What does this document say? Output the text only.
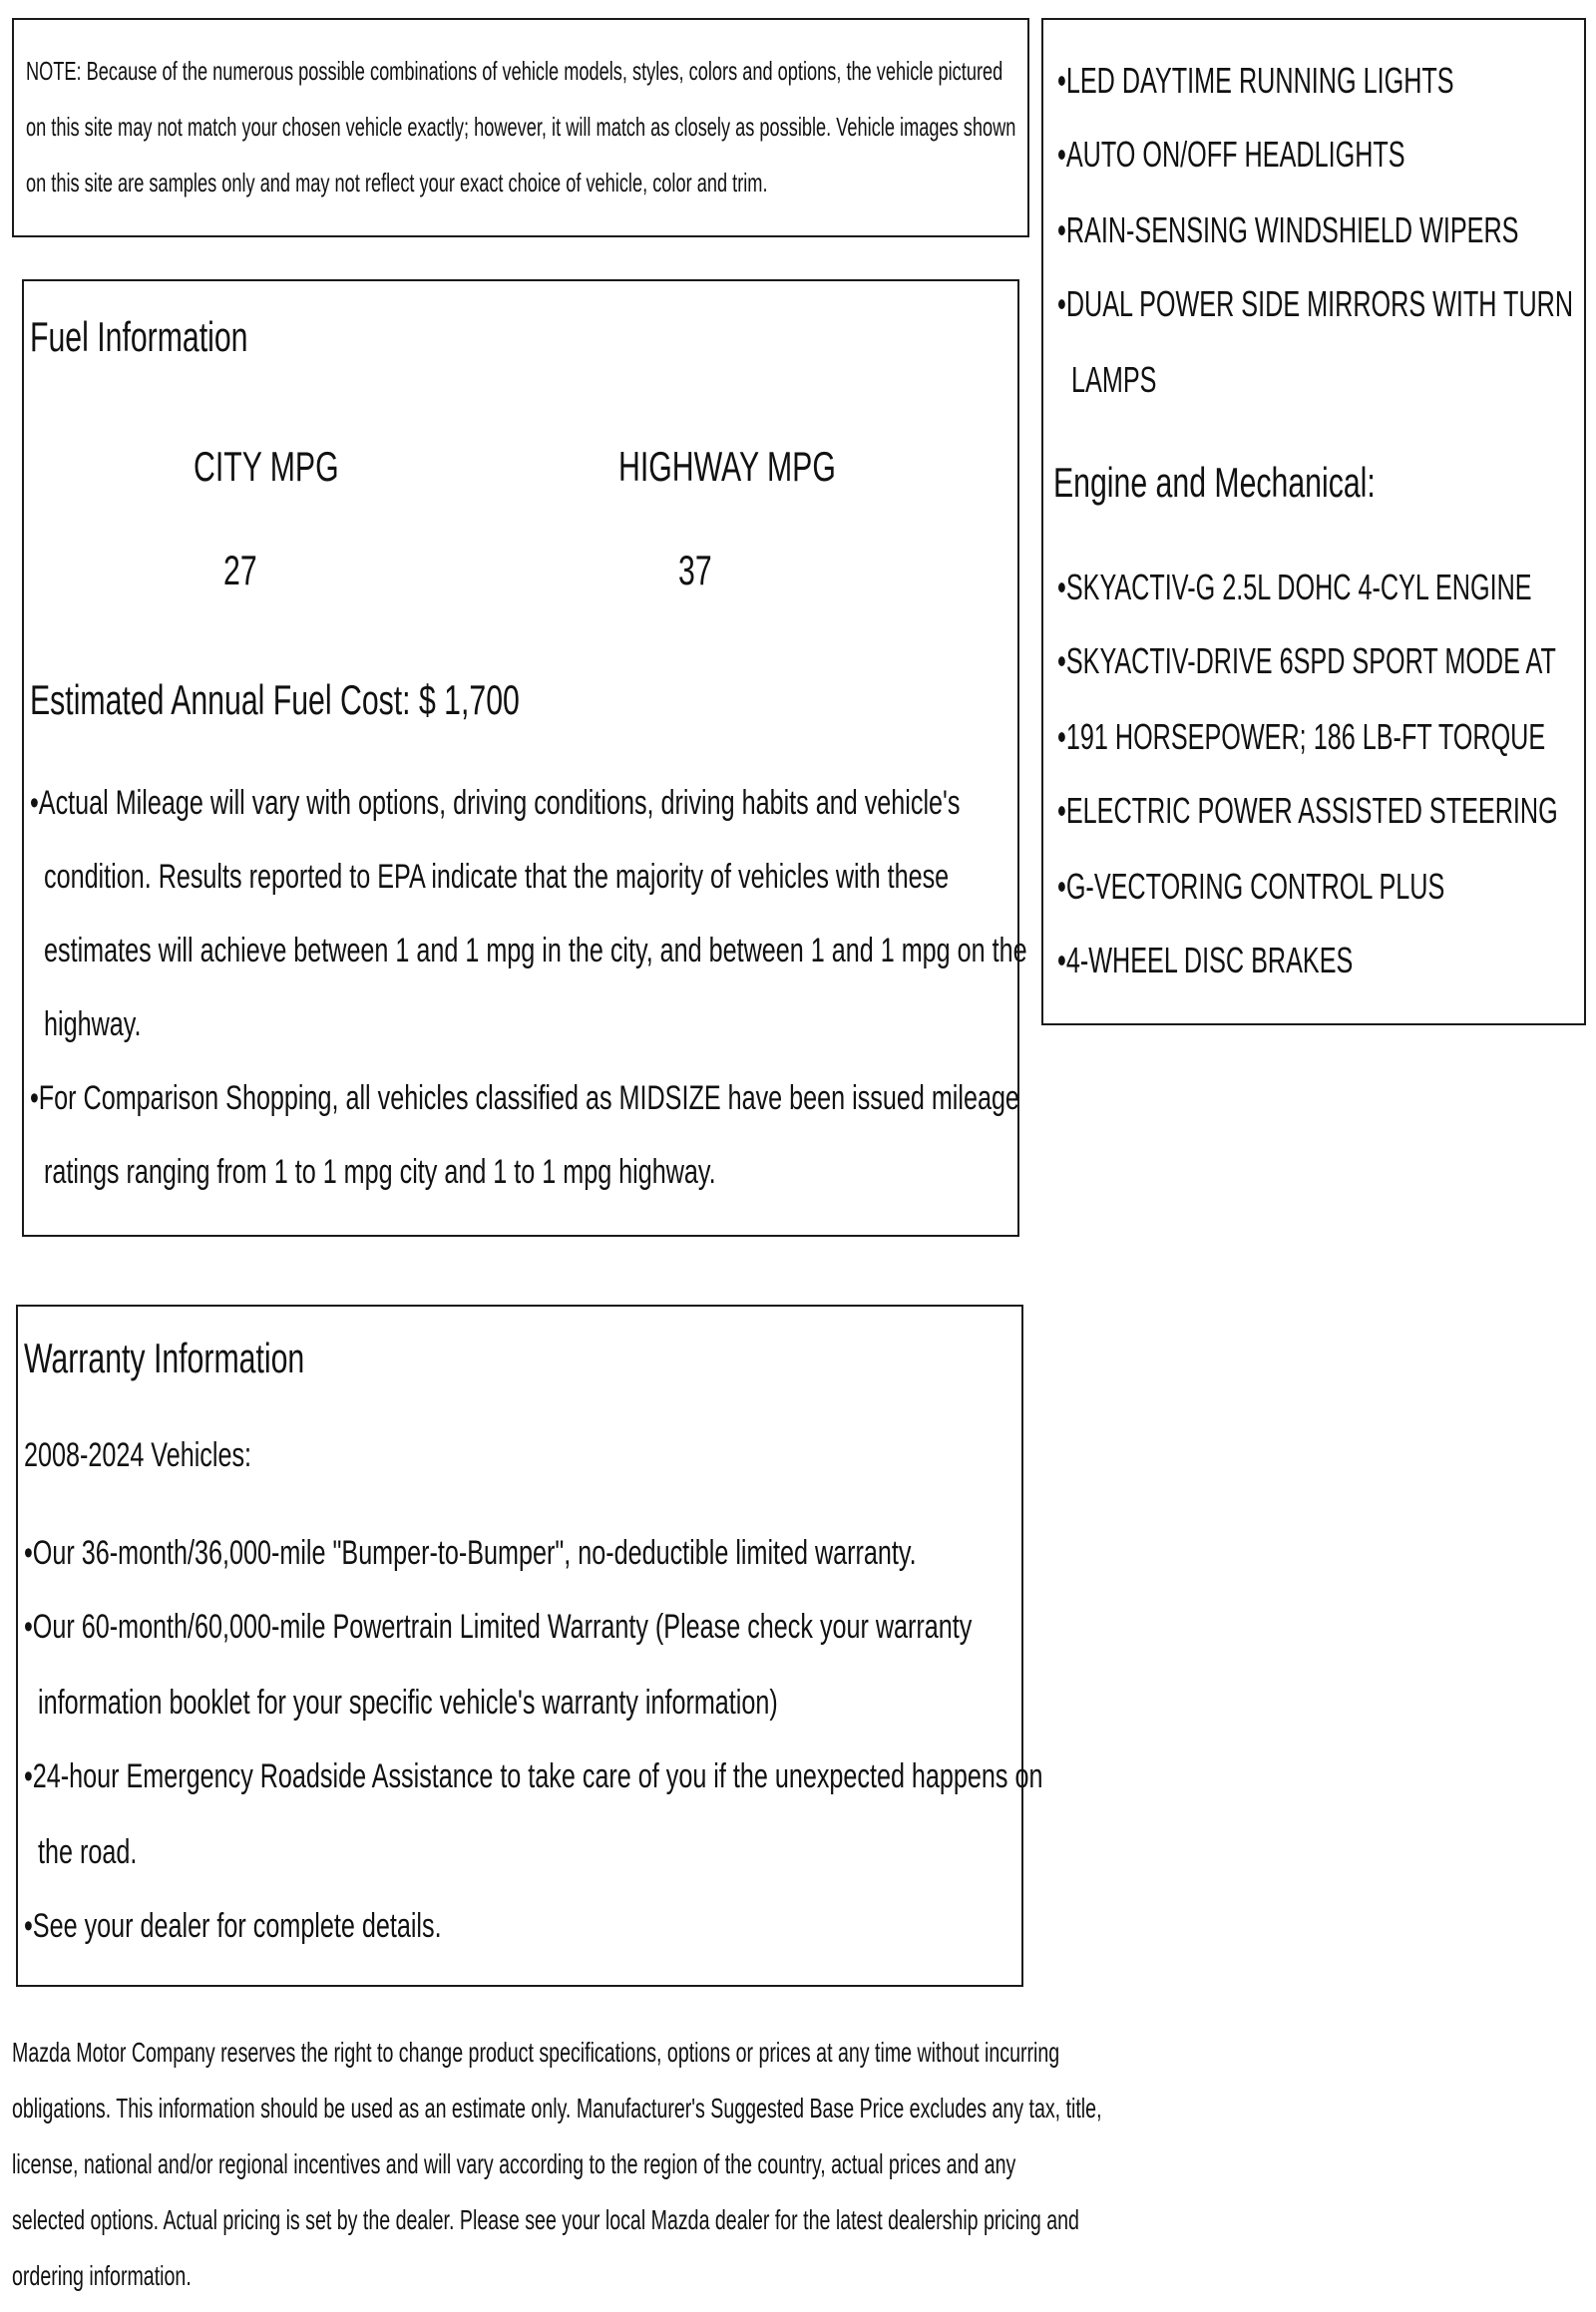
NOTE: Because of the numerous possible combinations of vehicle models, styles, colors and options, the vehicle pictured
on this site may not match your chosen vehicle exactly; however, it will match as closely as possible. Vehicle images shown
on this site are samples only and may not reflect your exact choice of vehicle, color and trim.
Fuel Information
CITY MPG
27
HIGHWAY MPG
37
Estimated Annual Fuel Cost: $ 1,700
•Actual Mileage will vary with options, driving conditions, driving habits and vehicle's
condition. Results reported to EPA indicate that the majority of vehicles with these
estimates will achieve between 1 and 1 mpg in the city, and between 1 and 1 mpg on the
highway.
•For Comparison Shopping, all vehicles classified as MIDSIZE have been issued mileage
ratings ranging from 1 to 1 mpg city and 1 to 1 mpg highway.
•LED DAYTIME RUNNING LIGHTS
•AUTO ON/OFF HEADLIGHTS
•RAIN-SENSING WINDSHIELD WIPERS
•DUAL POWER SIDE MIRRORS WITH TURN
LAMPS
Engine and Mechanical:
•SKYACTIV-G 2.5L DOHC 4-CYL ENGINE
•SKYACTIV-DRIVE 6SPD SPORT MODE AT
•191 HORSEPOWER; 186 LB-FT TORQUE
•ELECTRIC POWER ASSISTED STEERING
•G-VECTORING CONTROL PLUS
•4-WHEEL DISC BRAKES
Warranty Information
2008-2024 Vehicles:
•Our 36-month/36,000-mile "Bumper-to-Bumper", no-deductible limited warranty.
•Our 60-month/60,000-mile Powertrain Limited Warranty (Please check your warranty
information booklet for your specific vehicle's warranty information)
•24-hour Emergency Roadside Assistance to take care of you if the unexpected happens on
the road.
•See your dealer for complete details.
Mazda Motor Company reserves the right to change product specifications, options or prices at any time without incurring
obligations. This information should be used as an estimate only. Manufacturer's Suggested Base Price excludes any tax, title,
license, national and/or regional incentives and will vary according to the region of the country, actual prices and any
selected options. Actual pricing is set by the dealer. Please see your local Mazda dealer for the latest dealership pricing and
ordering information.
